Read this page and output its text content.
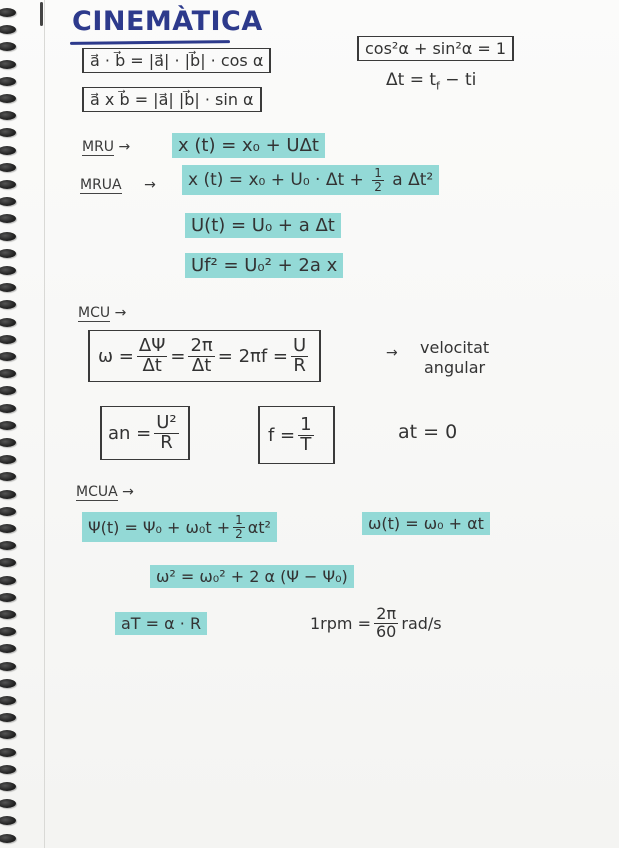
CINEMÀTICA
a⃗ · b⃗ = |a⃗| · |b⃗| · cos α
a⃗ x b⃗ = |a⃗| |b⃗| · sin α
cos²α + sin²α = 1
$\Delta t = t_f$ − ti
MRU →	x (t) = x₀ + UΔt
MRUA →	x $(t) = x_0 + U_0 \cdot \Delta t + \frac{1}{2}$ a Δt²
U(t) = U₀ + a Δt
Uf² = U₀² + 2a x
MCU →
$\omega = \frac{\Delta\Psi}{\Delta t} = \frac{2\pi}{\Delta t} = 2\pi f = \frac{U}{R}$	→ velocitat
angular
an = $\frac{\text{U²}}{R}$	$f = \frac{1}{T}$	at = 0
MCUA →
$\Psi(t) = \Psi_0 + \omega_0t + \frac{1}{2} \alpha t^2$	ω(t) = ω₀ + αt
ω² = ω₀² + 2 α (Ψ − Ψ₀)
aT = α · R	$1rpm = \frac{2\pi}{60} rad/s$
